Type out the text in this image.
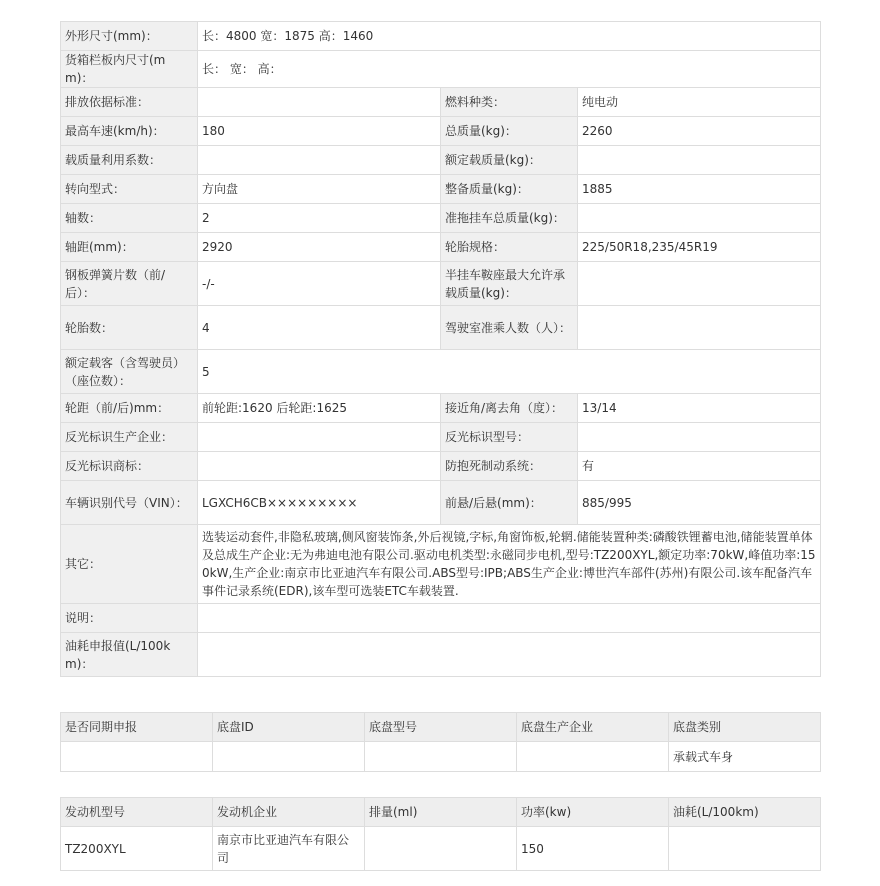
外形尺寸(mm)：	长：4800 宽：1875 高：1460		
货箱栏板内尺寸(mm)：	长： 宽： 高：		
排放依据标准：		燃料种类：	纯电动
最高车速(km/h)：	180	总质量(kg)：	2260
载质量利用系数：		额定载质量(kg)：	
转向型式：	方向盘	整备质量(kg)：	1885
轴数：	2	准拖挂车总质量(kg)：	
轴距(mm)：	2920	轮胎规格：	225/50R18,235/45R19
钢板弹簧片数（前/后）：	-/-	半挂车鞍座最大允许承载质量(kg)：	
轮胎数：	4	驾驶室准乘人数（人）：	
额定载客（含驾驶员）（座位数）：	5		
轮距（前/后)mm：	前轮距:1620 后轮距:1625	接近角/离去角（度）：	13/14
反光标识生产企业：		反光标识型号：	
反光标识商标：		防抱死制动系统：	有
车辆识别代号（VIN）：	LGXCH6CB×××××××××	前悬/后悬(mm)：	885/995
其它：	选装运动套件,非隐私玻璃,侧风窗装饰条,外后视镜,字标,角窗饰板,轮辋.储能装置种类:磷酸铁锂蓄电池,储能装置单体及总成生产企业:无为弗迪电池有限公司.驱动电机类型:永磁同步电机,型号:TZ200XYL,额定功率:70kW,峰值功率:150kW,生产企业:南京市比亚迪汽车有限公司.ABS型号:IPB;ABS生产企业:博世汽车部件(苏州)有限公司.该车配备汽车事件记录系统(EDR),该车型可选装ETC车载装置.		
说明：			
油耗申报值(L/100km)：			
是否同期申报	底盘ID	底盘型号	底盘生产企业	底盘类别
				承载式车身
发动机型号	发动机企业	排量(ml)	功率(kw)	油耗(L/100km)
TZ200XYL	南京市比亚迪汽车有限公司		150	
